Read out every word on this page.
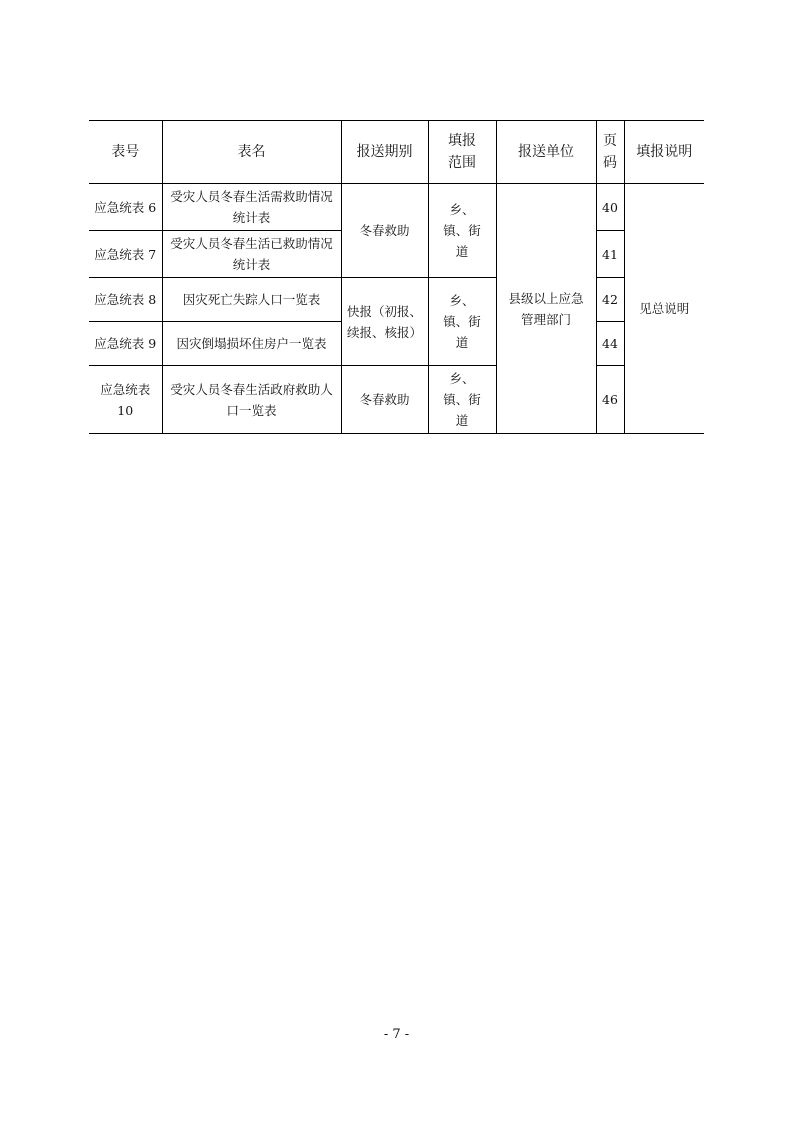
表号	表名	报送期别	填报范围	报送单位	页码	填报说明
应急统表 6	受灾人员冬春生活需救助情况统计表	冬春救助	乡、镇、街道	县级以上应急管理部门	40	见总说明
应急统表 7	受灾人员冬春生活已救助情况统计表				41	
应急统表 8	因灾死亡失踪人口一览表	快报（初报、续报、核报）	乡、镇、街道		42	
应急统表 9	因灾倒塌损坏住房户一览表				44	
应急统表 10	受灾人员冬春生活政府救助人口一览表	冬春救助	乡、镇、街道		46	
- 7 -
